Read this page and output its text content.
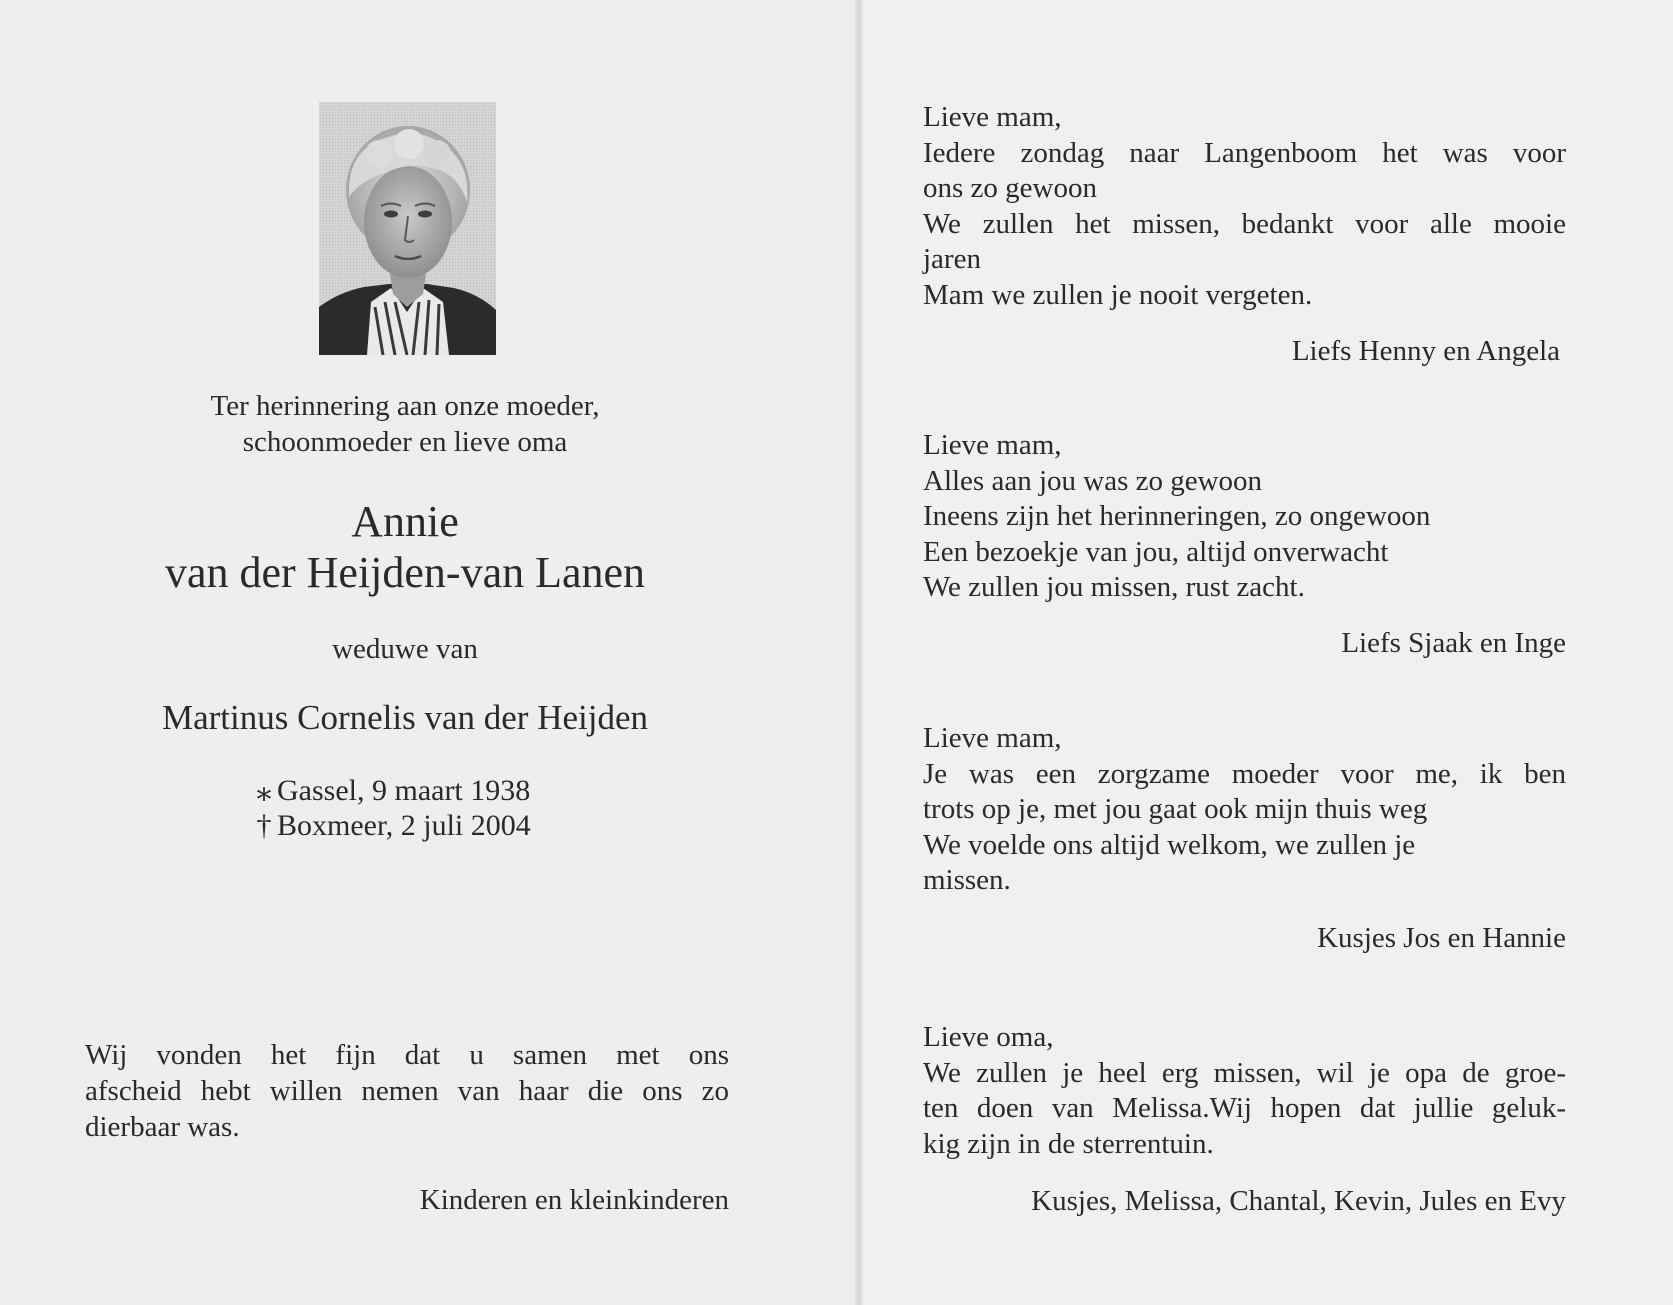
Ter herinnering aan onze moeder,
schoonmoeder en lieve oma
Annie
van der Heijden-van Lanen
weduwe van
Martinus Cornelis van der Heijden
⁎ Gassel, 9 maart 1938
† Boxmeer, 2 juli 2004
Wij vonden het fijn dat u samen met ons
afscheid hebt willen nemen van haar die ons zo
dierbaar was.
Kinderen en kleinkinderen
Lieve mam,
Iedere zondag naar Langenboom het was voor
ons zo gewoon
We zullen het missen, bedankt voor alle mooie
jaren
Mam we zullen je nooit vergeten.
Liefs Henny en Angela
Lieve mam,
Alles aan jou was zo gewoon
Ineens zijn het herinneringen, zo ongewoon
Een bezoekje van jou, altijd onverwacht
We zullen jou missen, rust zacht.
Liefs Sjaak en Inge
Lieve mam,
Je was een zorgzame moeder voor me, ik ben
trots op je, met jou gaat ook mijn thuis weg
We voelde ons altijd welkom, we zullen je
missen.
Kusjes Jos en Hannie
Lieve oma,
We zullen je heel erg missen, wil je opa de groe-
ten doen van Melissa.Wij hopen dat jullie geluk-
kig zijn in de sterrentuin.
Kusjes, Melissa, Chantal, Kevin, Jules en Evy
